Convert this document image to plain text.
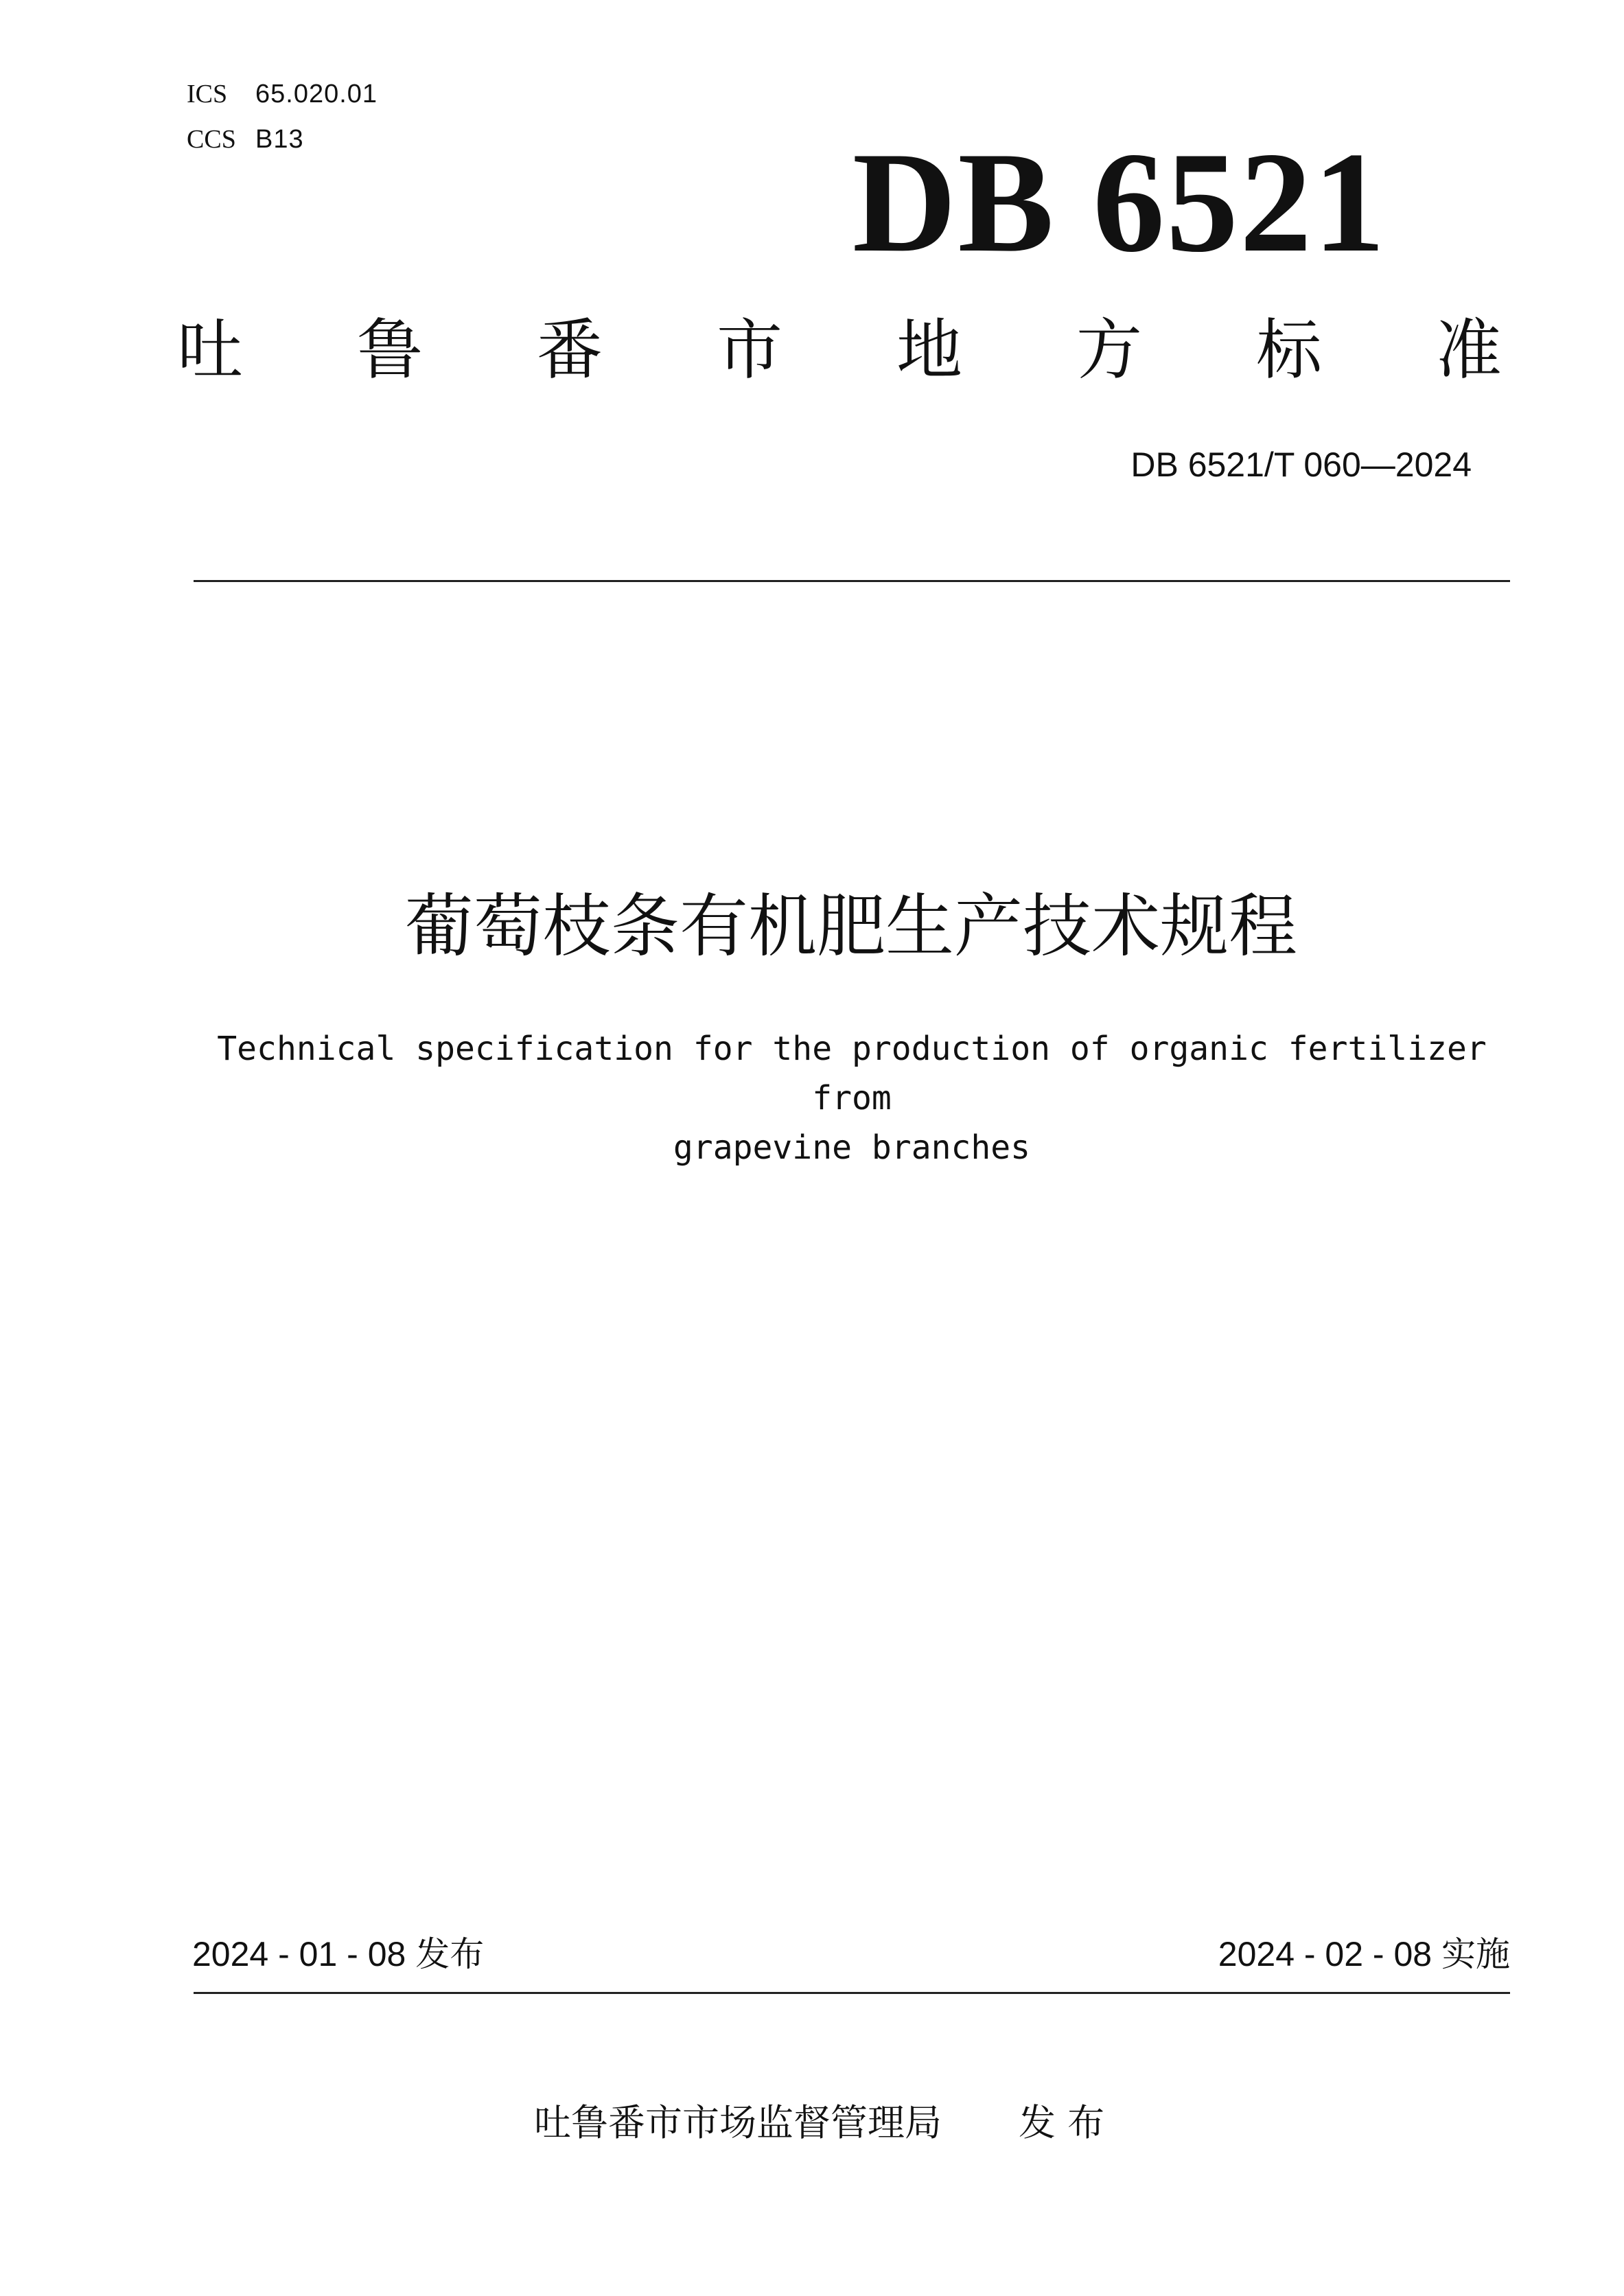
ICS	65.020.01
CCS B13	DB 6521
吐 鲁 番 市 地 方 标 准
DB 6521/T 060—2024
葡萄枝条有机肥生产技术规程
Technical specification for the production of organic fertilizer from
grapevine branches
2024 - 01 - 08 发布	2024 - 02 - 08 实施
吐鲁番市市场监督管理局 发 布
